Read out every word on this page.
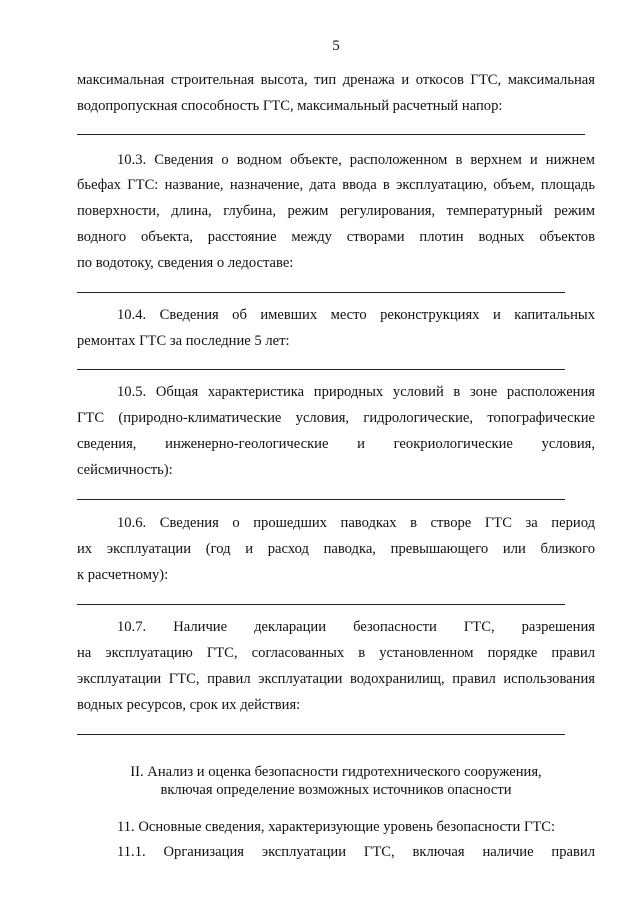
5
максимальная строительная высота, тип дренажа и откосов ГТС, максимальная
водопропускная способность ГТС, максимальный расчетный напор:
10.3. Сведения о водном объекте, расположенном в верхнем и нижнем
бьефах ГТС: название, назначение, дата ввода в эксплуатацию, объем, площадь
поверхности, длина, глубина, режим регулирования, температурный режим
водного объекта, расстояние между створами плотин водных объектов
по водотоку, сведения о ледоставе:
10.4. Сведения об имевших место реконструкциях и капитальных
ремонтах ГТС за последние 5 лет:
10.5. Общая характеристика природных условий в зоне расположения
ГТС (природно-климатические условия, гидрологические, топографические
сведения, инженерно-геологические и геокриологические условия,
сейсмичность):
10.6. Сведения о прошедших паводках в створе ГТС за период
их эксплуатации (год и расход паводка, превышающего или близкого
к расчетному):
10.7. Наличие декларации безопасности ГТС, разрешения
на эксплуатацию ГТС, согласованных в установленном порядке правил
эксплуатации ГТС, правил эксплуатации водохранилищ, правил использования
водных ресурсов, срок их действия:
II. Анализ и оценка безопасности гидротехнического сооружения,
включая определение возможных источников опасности
11. Основные сведения, характеризующие уровень безопасности ГТС:
11.1. Организация эксплуатации ГТС, включая наличие правил
